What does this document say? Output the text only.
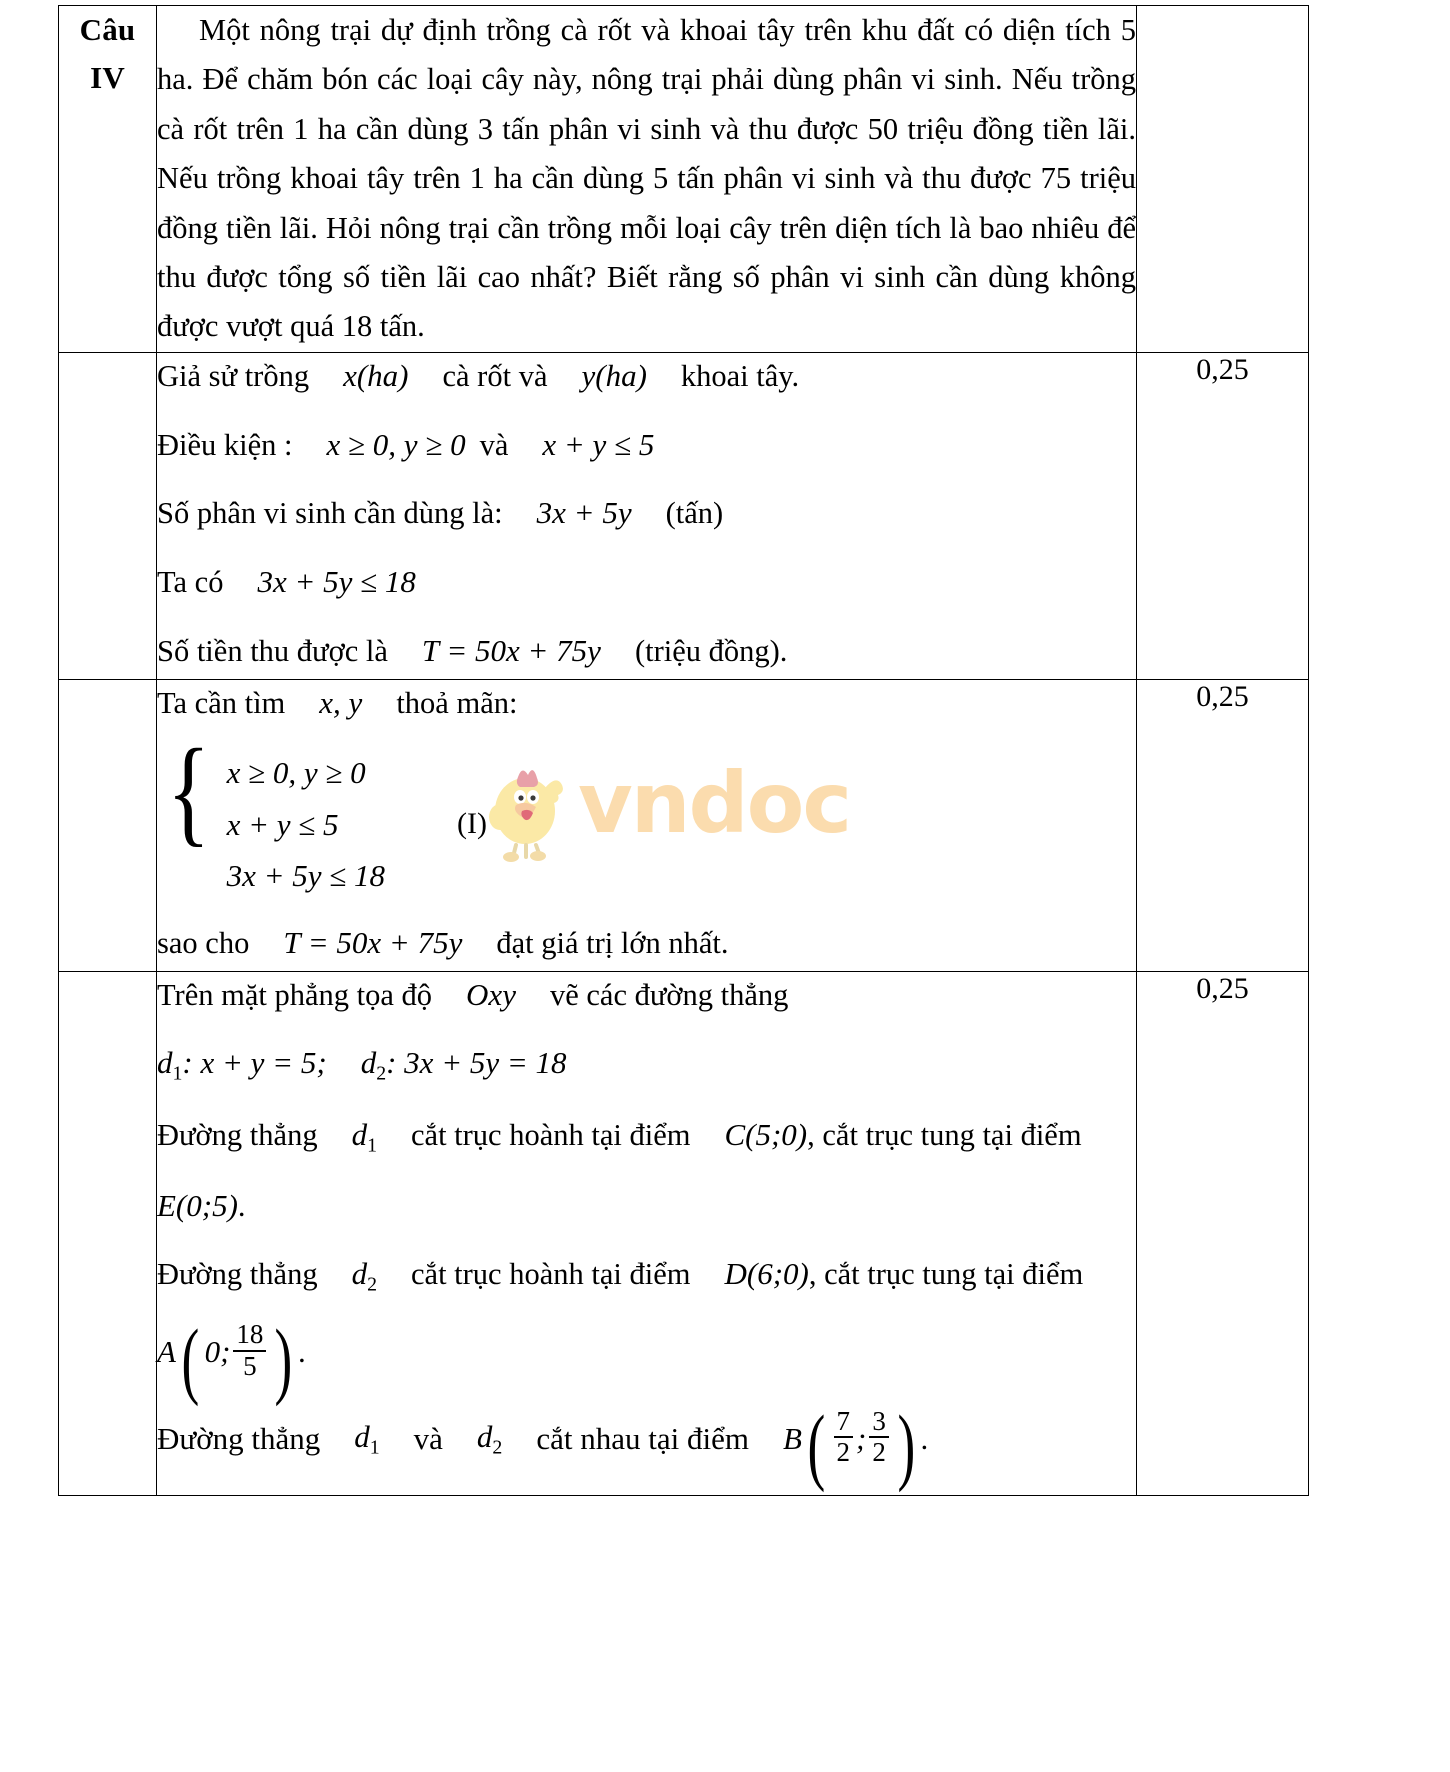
Câu
IV	Một nông trại dự định trồng cà rốt và khoai tây trên khu đất có diện tích 5 ha. Để chăm bón các loại cây này, nông trại phải dùng phân vi sinh. Nếu trồng cà rốt trên 1 ha cần dùng 3 tấn phân vi sinh và thu được 50 triệu đồng tiền lãi. Nếu trồng khoai tây trên 1 ha cần dùng 5 tấn phân vi sinh và thu được 75 triệu đồng tiền lãi. Hỏi nông trại cần trồng mỗi loại cây trên diện tích là bao nhiêu để thu được tổng số tiền lãi cao nhất? Biết rằng số phân vi sinh cần dùng không được vượt quá 18 tấn.		

	Giả sử trồng x(ha) cà rốt và y(ha) khoai tây.

Điều kiện : x ≥ 0, y ≥ 0 và x + y ≤ 5

Số phân vi sinh cần dùng là: 3x + 5y (tấn)

Ta có 3x + 5y ≤ 18

Số tiền thu được là T = 50x + 75y (triệu đồng).	0,25	

Ta cần tìm x, y thoả mãn:

{ x ≥ 0, y ≥ 0
x + y ≤ 5
3x + 5y ≤ 18
(I)

sao cho T = 50x + 75y đạt giá trị lớn nhất.

	0,25	

Trên mặt phẳng tọa độ Oxy vẽ các đường thẳng

$d_1$: x + y = 5; $d_2$: 3x + 5y = 18

Đường thẳng $d_1$ cắt trục hoành tại điểm C(5;0), cắt trục tung tại điểm

E(0;5).

Đường thẳng $d_2$ cắt trục hoành tại điểm D(6;0), cắt trục tung tại điểm

A ( 0; $\frac{18}{5}$ ) .

Đường thẳng $d_1$ và $d_2$ cắt nhau tại điểm B ( $\frac{7}{2}$ ; $\frac{3}{2}$ ) .

	0,25	
vndoc
